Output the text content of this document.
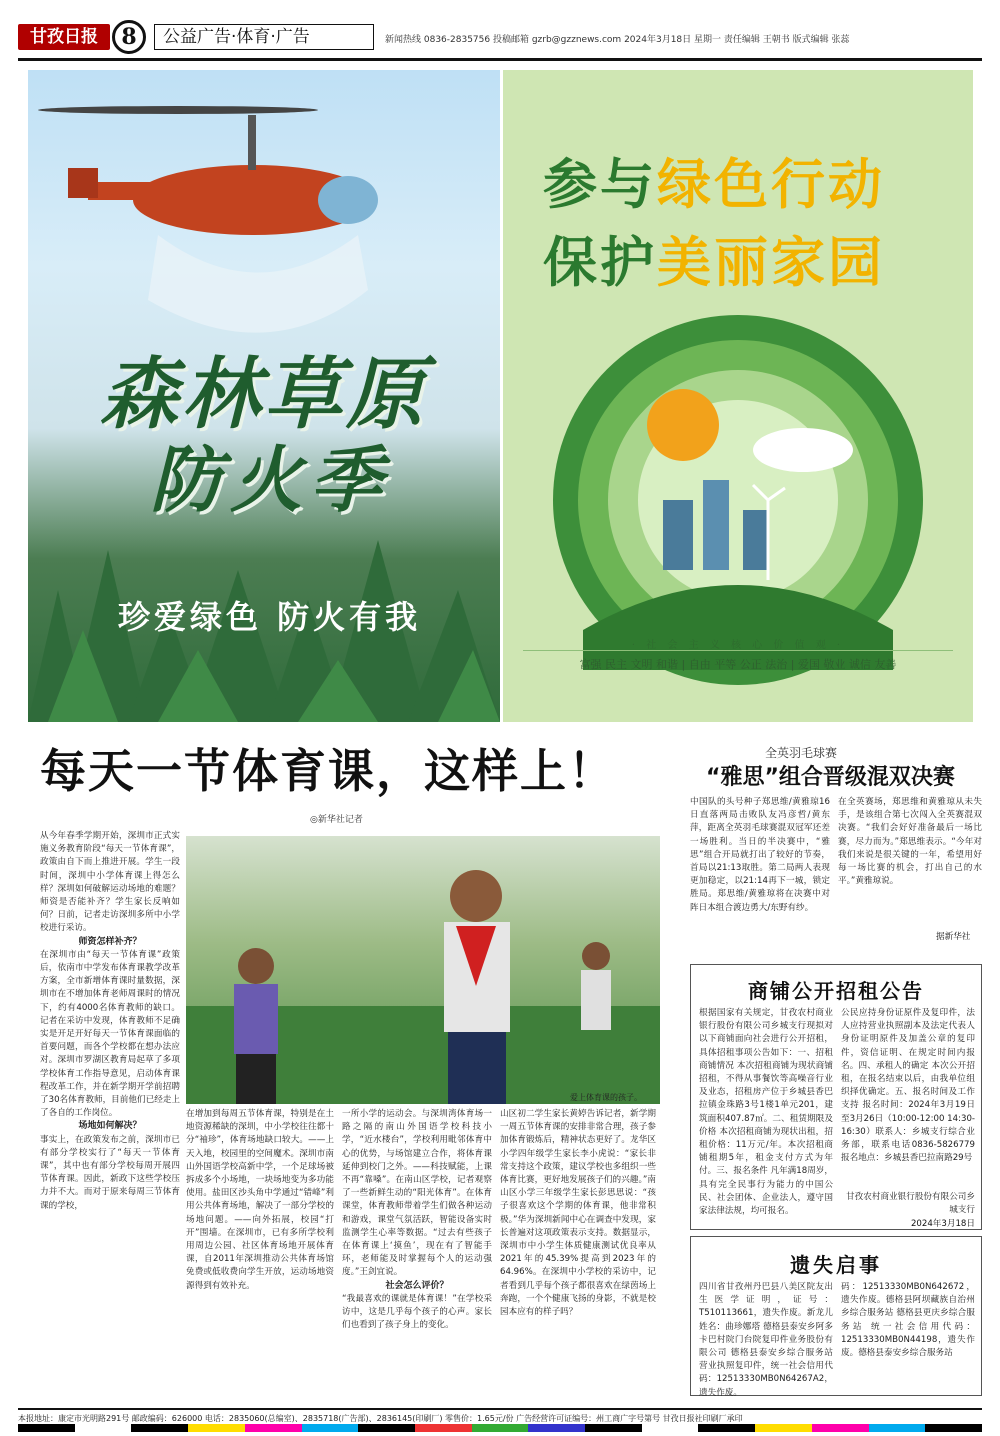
甘孜日报	8	公益广告·体育·广告	新闻热线 0836-2835756 投稿邮箱 gzrb@gzznews.com 2024年3月18日 星期一 责任编辑 王朝书 版式编辑 张蕊
森林草原
防火季
珍爱绿色 防火有我
参与绿色行动
保护美丽家园
· 社 会 主 义 核 心 价 值 观 ·
富强 民主 文明 和谐 | 自由 平等 公正 法治 | 爱国 敬业 诚信 友善
每天一节体育课，这样上！
◎新华社记者
从今年春季学期开始，深圳市正式实施义务教育阶段“每天一节体育课”，政策由自下而上推进开展。学生一段时间，深圳中小学体育课上得怎么样？深圳如何破解运动场地的难题？师资是否能补齐？学生家长反响如何？日前，记者走访深圳多所中小学校进行采访。
师资怎样补齐？
在深圳市由“每天一节体育课”政策后，依南市中学发布体育课教学改革方案，全市新增体育课时量数据，深圳市在不增加体育老师周课时的情况下，约有4000名体育教师的缺口。记者在采访中发现，体育教师不足确实是开足开好每天一节体育课面临的首要问题，而各个学校都在想办法应对。深圳市罗湖区教育局起草了多项学校体育工作指导意见，启动体育课程改革工作，并在新学期开学前招聘了30名体育教师，目前他们已经走上了各自的工作岗位。
场地如何解决？
事实上，在政策发布之前，深圳市已有部分学校实行了“每天一节体育课”，其中也有部分学校每周开展四节体育课。因此，新政下这些学校压力并不大。而对于原来每周三节体育课的学校，
爱上体育课的孩子。
在增加到每周五节体育课，特别是在土地资源稀缺的深圳，中小学校往往都十分“袖珍”，体育场地缺口较大。——上天入地，校园里的空间魔术。深圳市南山外国语学校高新中学，一个足球场被拆成多个小场地，一块场地变为多功能使用。盐田区沙头角中学通过“错峰”利用公共体育场地，解决了一部分学校的场地问题。——向外拓展，校园“打开”围墙。在深圳市，已有多所学校利用周边公园、社区体育场地开展体育课，自2011年深圳推动公共体育场馆免费或低收费向学生开放，运动场地资源得到有效补充。
一所小学的运动会。与深圳湾体育场一路之隔的南山外国语学校科技小学，“近水楼台”，学校利用毗邻体育中心的优势，与场馆建立合作，将体育课延伸到校门之外。——科技赋能，上课不再“靠嗓”。在南山区学校，记者观察了一些新鲜生动的“阳光体育”。在体育课堂，体育教师带着学生们做各种运动和游戏，课堂气氛活跃，智能设备实时监测学生心率等数据。“过去有些孩子在体育课上‘摸鱼’，现在有了智能手环，老师能及时掌握每个人的运动强度。”王剑宜说。
社会怎么评价？
“我最喜欢的课就是体育课！”在学校采访中，这是几乎每个孩子的心声。家长们也看到了孩子身上的变化。
山区初二学生家长黄婷告诉记者，新学期一周五节体育课的安排非常合理，孩子参加体育锻炼后，精神状态更好了。龙华区小学四年级学生家长李小虎说：“家长非常支持这个政策，建议学校也多组织一些体育比赛，更好地发展孩子们的兴趣。”南山区小学三年级学生家长彭思思说：“孩子很喜欢这个学期的体育课，他非常积极。”华为深圳新闻中心在调查中发现，家长普遍对这项政策表示支持。数据显示，深圳市中小学生体质健康测试优良率从2021年的45.39%提高到2023年的64.96%。在深圳中小学校的采访中，记者看到几乎每个孩子都很喜欢在绿茵场上奔跑，一个个健康飞扬的身影，不就是校园本应有的样子吗？
全英羽毛球赛
“雅思”组合晋级混双决赛
中国队的头号种子郑思维/黄雅琼16日直落两局击败队友冯彦哲/黄东萍，距离全英羽毛球赛混双冠军还差一场胜利。当日的半决赛中，“雅思”组合开局就打出了较好的节奏，首局以21:13取胜。第二局两人表现更加稳定，以21:14再下一城，锁定胜局。郑思维/黄雅琼将在决赛中对阵日本组合渡边勇大/东野有纱。
在全英赛场，郑思维和黄雅琼从未失手，是该组合第七次闯入全英赛混双决赛。“我们会好好准备最后一场比赛，尽力而为。”郑思维表示。“今年对我们来说是很关键的一年，希望用好每一场比赛的机会，打出自己的水平。”黄雅琼说。
据新华社
商铺公开招租公告
根据国家有关规定，甘孜农村商业银行股份有限公司乡城支行现拟对以下商铺面向社会进行公开招租，具体招租事项公告如下：一、招租商铺情况 本次招租商铺为现状商铺招租，不得从事餐饮等高噪音行业及业态，招租房产位于乡城县香巴拉镇金珠路3号1楼1单元201，建筑面积407.87㎡。二、租赁期限及价格 本次招租商铺为现状出租，招租价格：11万元/年。本次招租商铺租期5年，租金支付方式为年付。三、报名条件 凡年满18周岁，具有完全民事行为能力的中国公民、社会团体、企业法人，遵守国家法律法规，均可报名。
公民应持身份证原件及复印件，法人应持营业执照副本及法定代表人身份证明原件及加盖公章的复印件，资信证明、在规定时间内报名。四、承租人的确定 本次公开招租，在报名结束以后，由我单位组织择优确定。五、报名时间及工作支持 报名时间：2024年3月19日至3月26日（10:00-12:00 14:30-16:30）联系人：乡城支行综合业务部，联系电话0836-5826779 报名地点：乡城县香巴拉南路29号
甘孜农村商业银行股份有限公司乡城支行
2024年3月18日
遗失启事
四川省甘孜州丹巴县八美区院友出生医学证明，证号：T510113661，遗失作废。新龙儿姓名：曲珍娜塔 德格县泰安乡阿多卡巴村院门台院复印件业务股份有限公司 德格县泰安乡综合服务站 营业执照复印件，统一社会信用代码：12513330MB0N64267A2，遗失作废。
码：12513330MB0N642672，遗失作废。德格县阿坝藏族自治州乡综合服务站 德格县更庆乡综合服务站 统一社会信用代码：12513330MB0N44198，遗失作废。德格县泰安乡综合服务站
本报地址：康定市光明路291号 邮政编码：626000 电话：2835060(总编室)、2835718(广告部)、2836145(印刷厂) 零售价：1.65元/份 广告经营许可证编号：州工商广字号第号 甘孜日报社印刷厂承印
